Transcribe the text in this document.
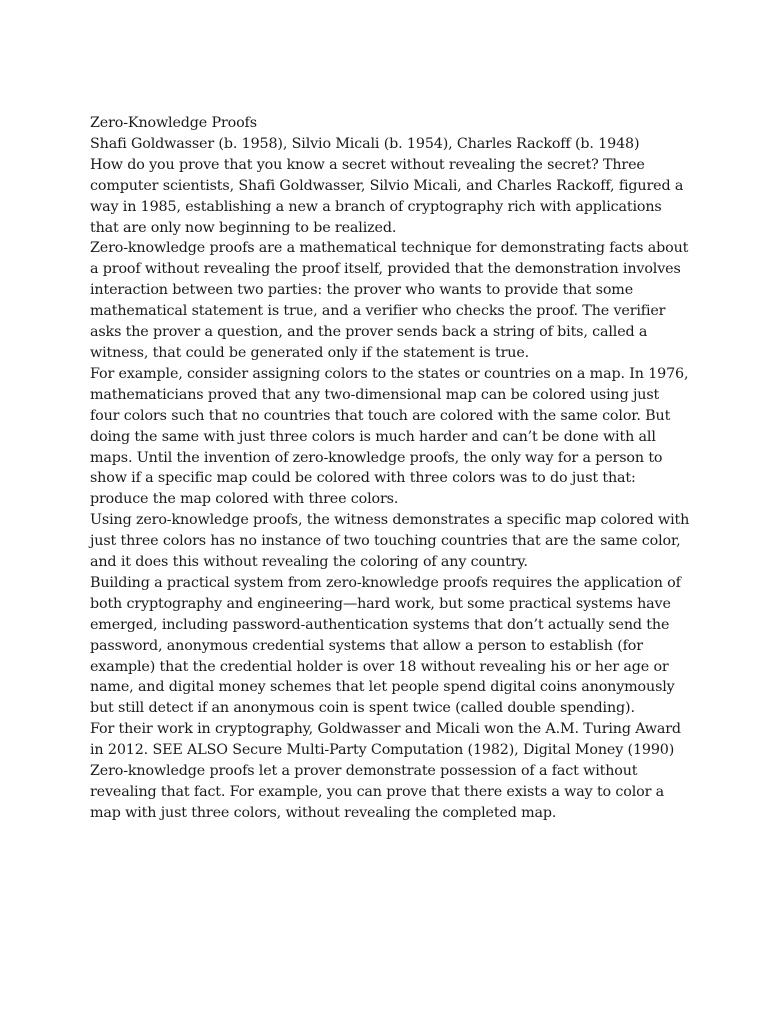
Zero-Knowledge Proofs

Shafi Goldwasser (b. 1958), Silvio Micali (b. 1954), Charles Rackoff (b. 1948)

How do you prove that you know a secret without revealing the secret? Three computer scientists, Shafi Goldwasser, Silvio Micali, and Charles Rackoff, figured a way in 1985, establishing a new a branch of cryptography rich with applications that are only now beginning to be realized.

Zero-knowledge proofs are a mathematical technique for demonstrating facts about a proof without revealing the proof itself, provided that the demonstration involves interaction between two parties: the prover who wants to provide that some mathematical statement is true, and a verifier who checks the proof. The verifier asks the prover a question, and the prover sends back a string of bits, called a witness, that could be generated only if the statement is true.

For example, consider assigning colors to the states or countries on a map. In 1976, mathematicians proved that any two-dimensional map can be colored using just four colors such that no countries that touch are colored with the same color. But doing the same with just three colors is much harder and can’t be done with all maps. Until the invention of zero-knowledge proofs, the only way for a person to show if a specific map could be colored with three colors was to do just that: produce the map colored with three colors.

Using zero-knowledge proofs, the witness demonstrates a specific map colored with just three colors has no instance of two touching countries that are the same color, and it does this without revealing the coloring of any country.

Building a practical system from zero-knowledge proofs requires the application of both cryptography and engineering—hard work, but some practical systems have emerged, including password-authentication systems that don’t actually send the password, anonymous credential systems that allow a person to establish (for example) that the credential holder is over 18 without revealing his or her age or name, and digital money schemes that let people spend digital coins anonymously but still detect if an anonymous coin is spent twice (called double spending).

For their work in cryptography, Goldwasser and Micali won the A.M. Turing Award in 2012. SEE ALSO Secure Multi-Party Computation (1982), Digital Money (1990)

Zero-knowledge proofs let a prover demonstrate possession of a fact without revealing that fact. For example, you can prove that there exists a way to color a map with just three colors, without revealing the completed map.
